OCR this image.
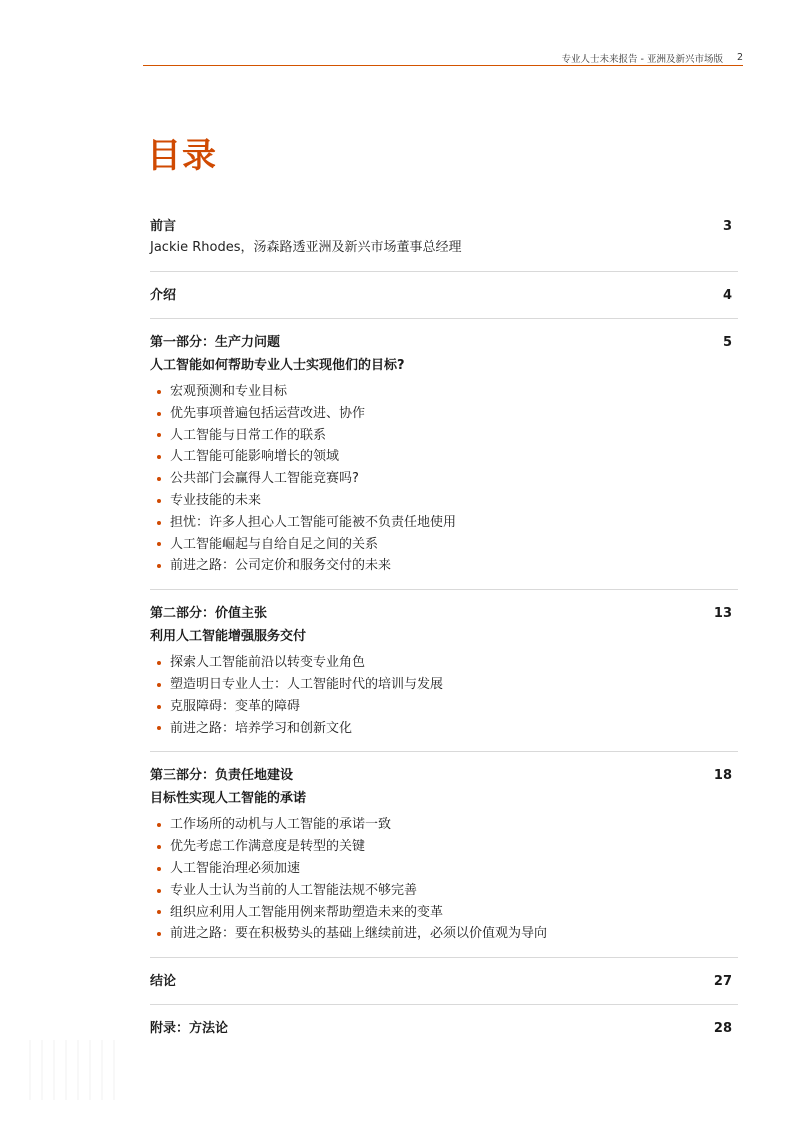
专业人士未来报告 - 亚洲及新兴市场版 2
目录
前言	3
Jackie Rhodes，汤森路透亚洲及新兴市场董事总经理
介绍	4
第一部分：生产力问题	5
人工智能如何帮助专业人士实现他们的目标?
宏观预测和专业目标
优先事项普遍包括运营改进、协作
人工智能与日常工作的联系
人工智能可能影响增长的领域
公共部门会赢得人工智能竞赛吗?
专业技能的未来
担忧：许多人担心人工智能可能被不负责任地使用
人工智能崛起与自给自足之间的关系
前进之路：公司定价和服务交付的未来
第二部分：价值主张	13
利用人工智能增强服务交付
探索人工智能前沿以转变专业角色
塑造明日专业人士：人工智能时代的培训与发展
克服障碍：变革的障碍
前进之路：培养学习和创新文化
第三部分：负责任地建设	18
目标性实现人工智能的承诺
工作场所的动机与人工智能的承诺一致
优先考虑工作满意度是转型的关键
人工智能治理必须加速
专业人士认为当前的人工智能法规不够完善
组织应利用人工智能用例来帮助塑造未来的变革
前进之路：要在积极势头的基础上继续前进，必须以价值观为导向
结论	27
附录：方法论	28
